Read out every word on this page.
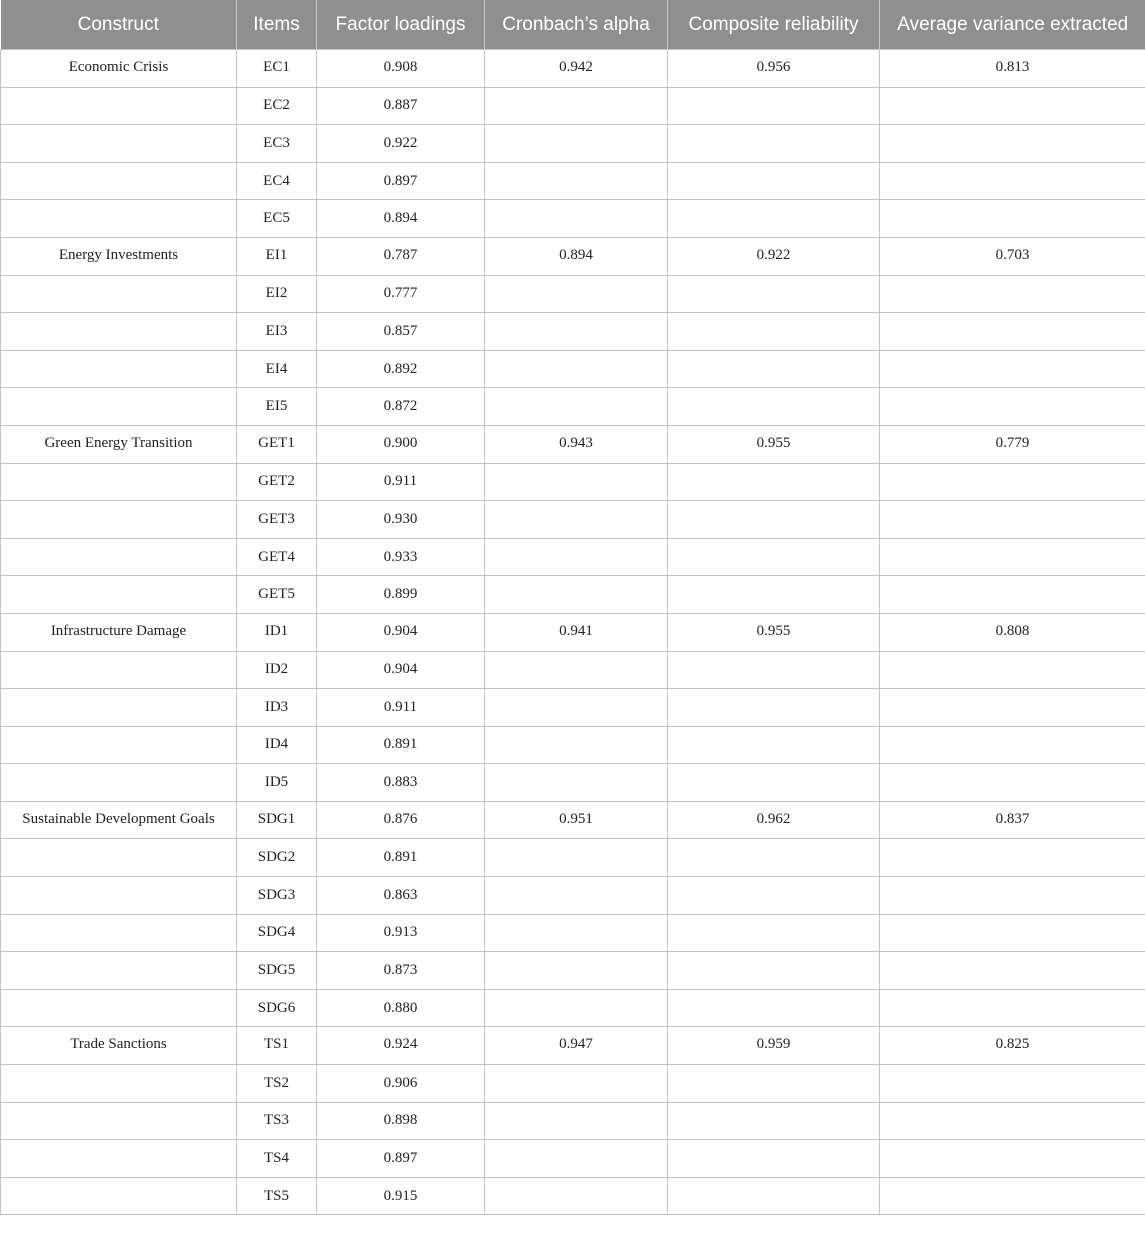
Construct	Items	Factor loadings	Cronbach’s alpha	Composite reliability	Average variance extracted
Economic Crisis	EC1	0.908	0.942	0.956	0.813
	EC2	0.887			
	EC3	0.922			
	EC4	0.897			
	EC5	0.894			
Energy Investments	EI1	0.787	0.894	0.922	0.703
	EI2	0.777			
	EI3	0.857			
	EI4	0.892			
	EI5	0.872			
Green Energy Transition	GET1	0.900	0.943	0.955	0.779
	GET2	0.911			
	GET3	0.930			
	GET4	0.933			
	GET5	0.899			
Infrastructure Damage	ID1	0.904	0.941	0.955	0.808
	ID2	0.904			
	ID3	0.911			
	ID4	0.891			
	ID5	0.883			
Sustainable Development Goals	SDG1	0.876	0.951	0.962	0.837
	SDG2	0.891			
	SDG3	0.863			
	SDG4	0.913			
	SDG5	0.873			
	SDG6	0.880			
Trade Sanctions	TS1	0.924	0.947	0.959	0.825
	TS2	0.906			
	TS3	0.898			
	TS4	0.897			
	TS5	0.915			
